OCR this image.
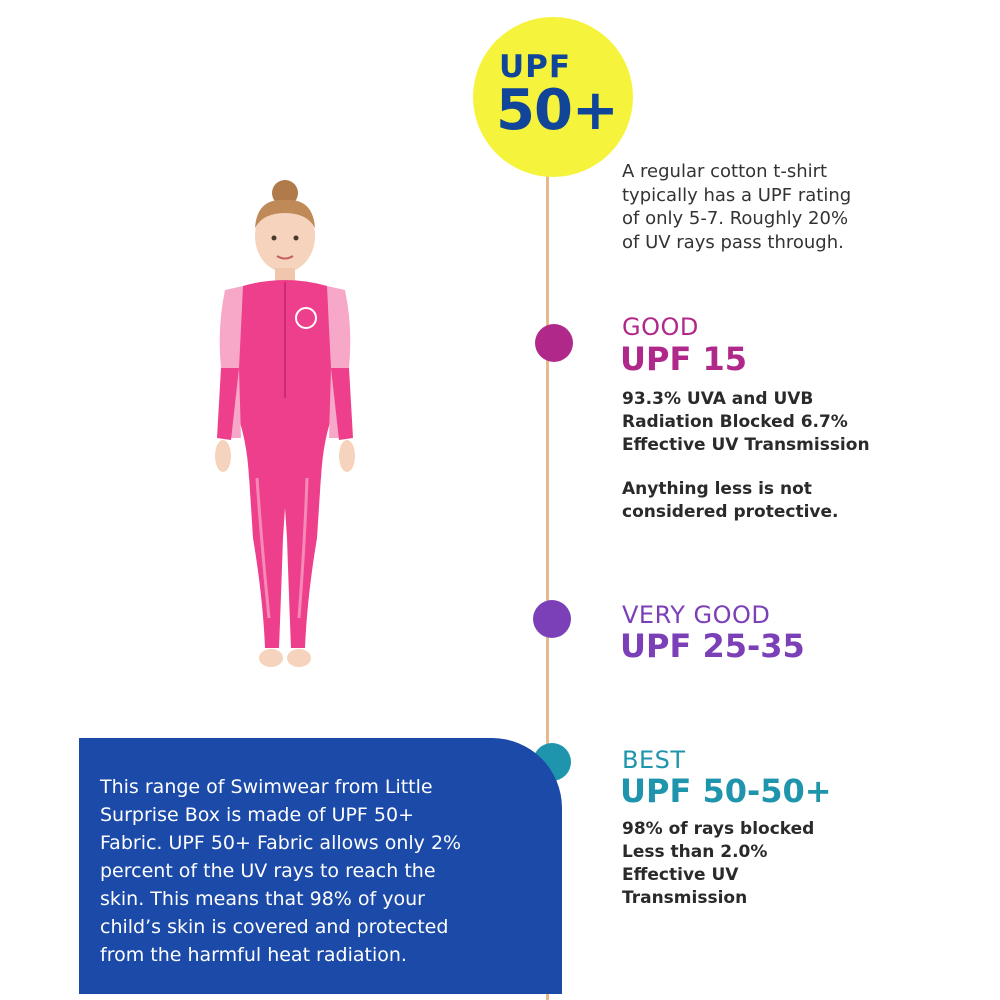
UPF
50+
A regular cotton t-shirt
typically has a UPF rating
of only 5-7. Roughly 20%
of UV rays pass through.
GOOD
UPF 15
93.3% UVA and UVB
Radiation Blocked 6.7%
Effective UV Transmission
Anything less is not
considered protective.
VERY GOOD
UPF 25-35
BEST
UPF 50-50+
98% of rays blocked
Less than 2.0%
Effective UV
Transmission
This range of Swimwear from Little
Surprise Box is made of UPF 50+
Fabric. UPF 50+ Fabric allows only 2%
percent of the UV rays to reach the
skin. This means that 98% of your
child’s skin is covered and protected
from the harmful heat radiation.
